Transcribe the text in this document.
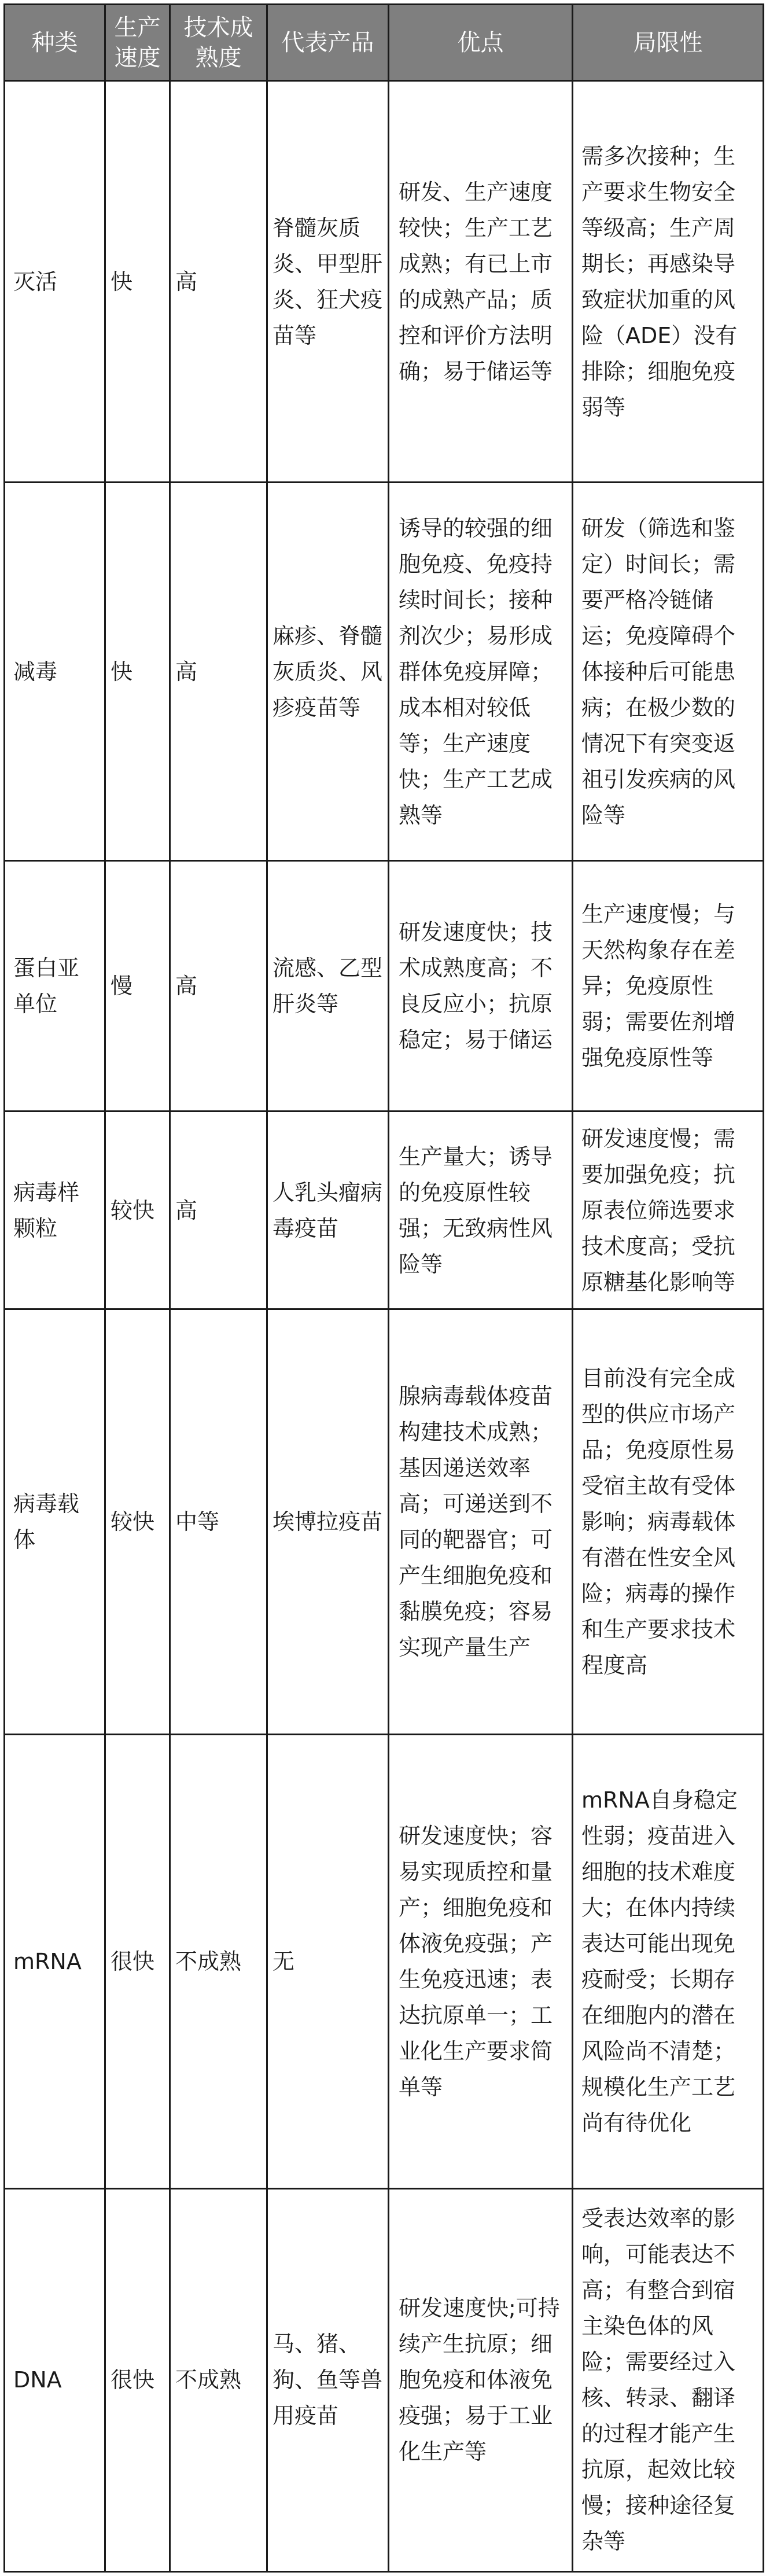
种类	生产速度	技术成熟度	代表产品	优点	局限性
灭活	快	高	脊髓灰质炎、甲型肝炎、狂犬疫苗等	研发、生产速度较快；生产工艺成熟；有已上市的成熟产品；质控和评价方法明确；易于储运等	需多次接种；生产要求生物安全等级高；生产周期长；再感染导致症状加重的风险（ADE）没有排除；细胞免疫弱等
减毒	快	高	麻疹、脊髓灰质炎、风疹疫苗等	诱导的较强的细胞免疫、免疫持续时间长；接种剂次少；易形成群体免疫屏障；成本相对较低等；生产速度快；生产工艺成熟等	研发（筛选和鉴定）时间长；需要严格冷链储运；免疫障碍个体接种后可能患病；在极少数的情况下有突变返祖引发疾病的风险等
蛋白亚单位	慢	高	流感、乙型肝炎等	研发速度快；技术成熟度高；不良反应小；抗原稳定；易于储运	生产速度慢；与天然构象存在差异；免疫原性弱；需要佐剂增强免疫原性等
病毒样颗粒	较快	高	人乳头瘤病毒疫苗	生产量大；诱导的免疫原性较强；无致病性风险等	研发速度慢；需要加强免疫；抗原表位筛选要求技术度高；受抗原糖基化影响等
病毒载体	较快	中等	埃博拉疫苗	腺病毒载体疫苗构建技术成熟；基因递送效率高；可递送到不同的靶器官；可产生细胞免疫和黏膜免疫；容易实现产量生产	目前没有完全成型的供应市场产品；免疫原性易受宿主故有受体影响；病毒载体有潜在性安全风险；病毒的操作和生产要求技术程度高
mRNA	很快	不成熟	无	研发速度快；容易实现质控和量产；细胞免疫和体液免疫强；产生免疫迅速；表达抗原单一；工业化生产要求简单等	mRNA自身稳定性弱；疫苗进入细胞的技术难度大；在体内持续表达可能出现免疫耐受；长期存在细胞内的潜在风险尚不清楚；规模化生产工艺尚有待优化
DNA	很快	不成熟	马、猪、狗、鱼等兽用疫苗	研发速度快;可持续产生抗原；细胞免疫和体液免疫强；易于工业化生产等	受表达效率的影响，可能表达不高；有整合到宿主染色体的风险；需要经过入核、转录、翻译的过程才能产生抗原，起效比较慢；接种途径复杂等
